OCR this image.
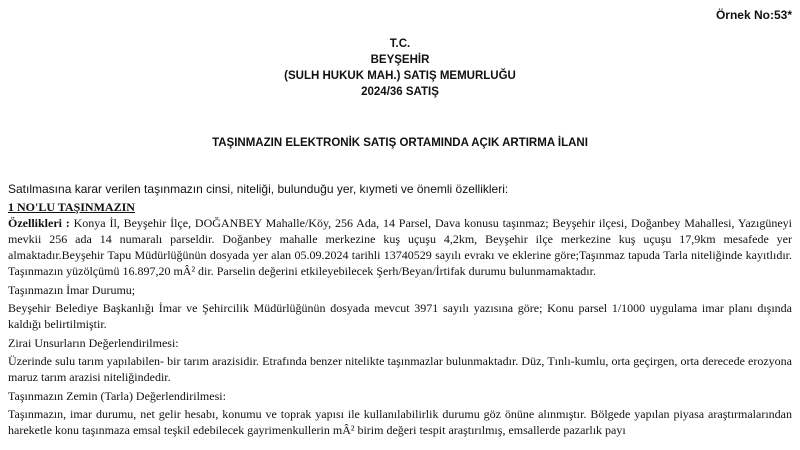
Örnek No:53*
T.C.
BEYŞEHİR
(SULH HUKUK MAH.) SATIŞ MEMURLUĞU
2024/36 SATIŞ
TAŞINMAZIN ELEKTRONİK SATIŞ ORTAMINDA AÇIK ARTIRMA İLANI
Satılmasına karar verilen taşınmazın cinsi, niteliği, bulunduğu yer, kıymeti ve önemli özellikleri:
1 NO'LU TAŞINMAZIN
Özellikleri : Konya İl, Beyşehir İlçe, DOĞANBEY Mahalle/Köy, 256 Ada, 14 Parsel, Dava konusu taşınmaz; Beyşehir ilçesi, Doğanbey Mahallesi, Yazıgüneyi mevkii 256 ada 14 numaralı parseldir. Doğanbey mahalle merkezine kuş uçuşu 4,2km, Beyşehir ilçe merkezine kuş uçuşu 17,9km mesafede yer almaktadır.Beyşehir Tapu Müdürlüğünün dosyada yer alan 05.09.2024 tarihli 13740529 sayılı evrakı ve eklerine göre;Taşınmaz tapuda Tarla niteliğinde kayıtlıdır. Taşınmazın yüzölçümü 16.897,20 mÂ² dir. Parselin değerini etkileyebilecek Şerh/Beyan/İrtifak durumu bulunmamaktadır.
Taşınmazın İmar Durumu;
Beyşehir Belediye Başkanlığı İmar ve Şehircilik Müdürlüğünün dosyada mevcut 3971 sayılı yazısına göre; Konu parsel 1/1000 uygulama imar planı dışında kaldığı belirtilmiştir.
Zirai Unsurların Değerlendirilmesi:
Üzerinde sulu tarım yapılabilen- bir tarım arazisidir. Etrafında benzer nitelikte taşınmazlar bulunmaktadır. Düz, Tınlı-kumlu, orta geçirgen, orta derecede erozyona maruz tarım arazisi niteliğindedir.
Taşınmazın Zemin (Tarla) Değerlendirilmesi:
Taşınmazın, imar durumu, net gelir hesabı, konumu ve toprak yapısı ile kullanılabilirlik durumu göz önüne alınmıştır. Bölgede yapılan piyasa araştırmalarından hareketle konu taşınmaza emsal teşkil edebilecek gayrimenkullerin mÂ² birim değeri tespit araştırılmış, emsallerde pazarlık payı
